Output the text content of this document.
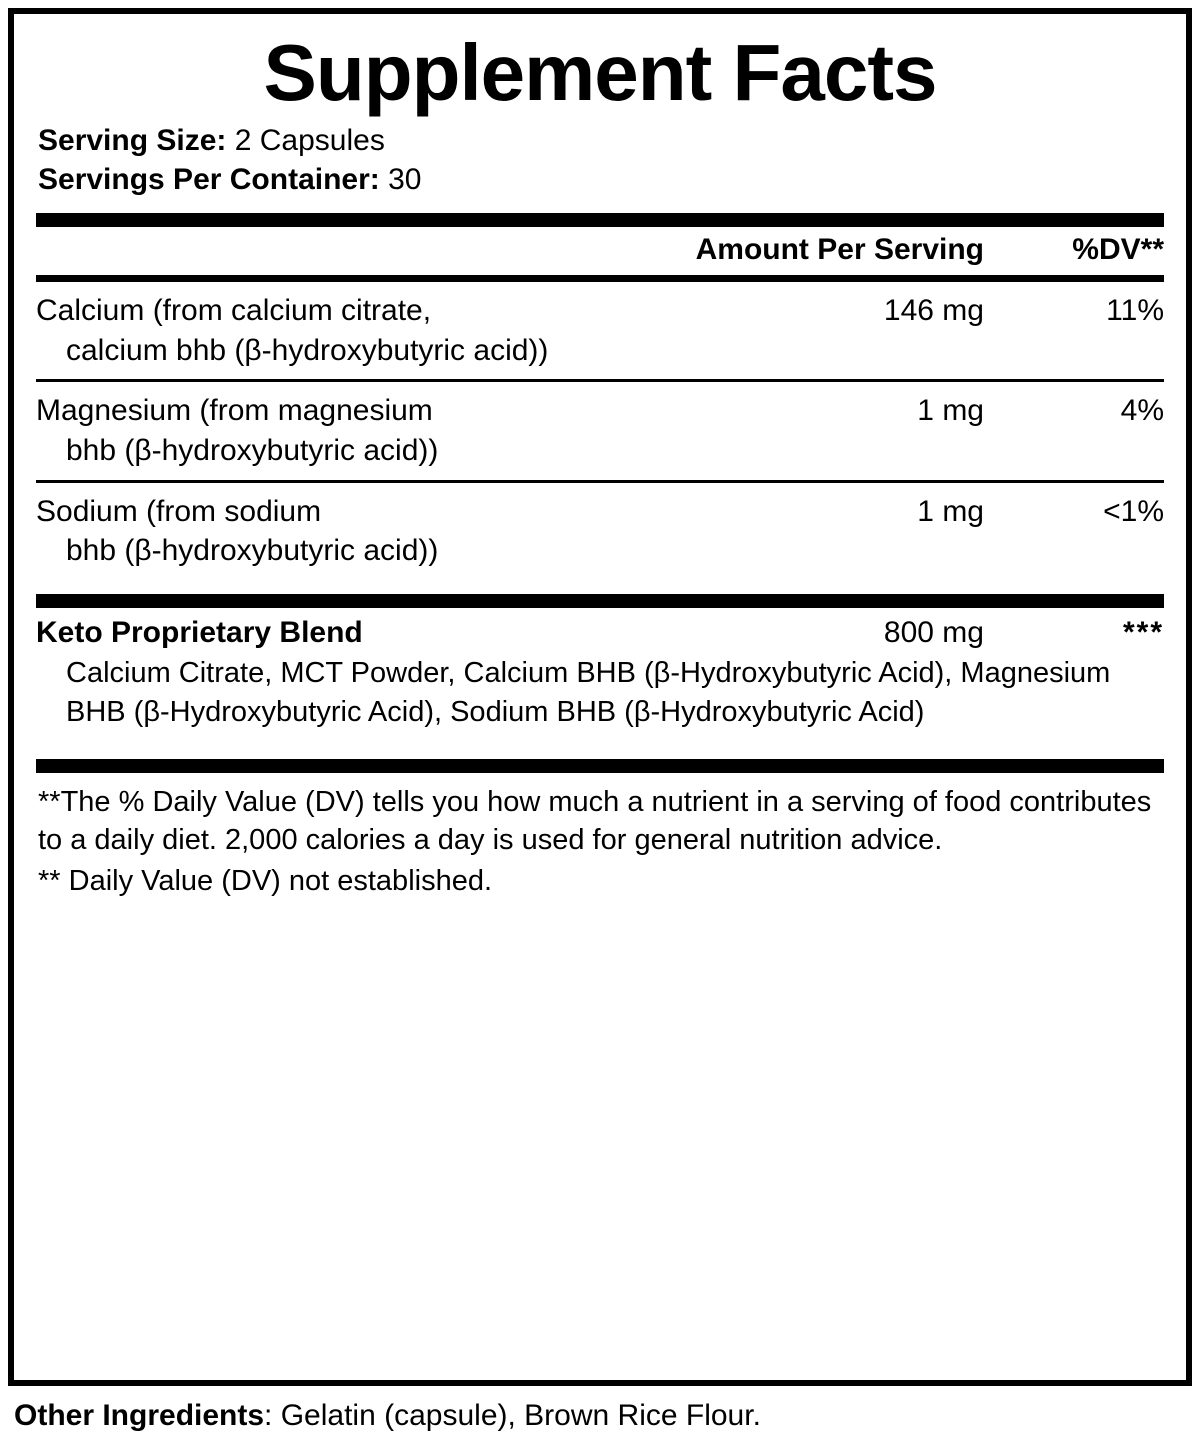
Supplement Facts
Serving Size: 2 Capsules
Servings Per Container: 30
Amount Per Serving	%DV**
Calcium (from calcium citrate,
calcium bhb (β-hydroxybutyric acid))
146 mg	11%
Magnesium (from magnesium
bhb (β-hydroxybutyric acid))
1 mg	4%
Sodium (from sodium
bhb (β-hydroxybutyric acid))
1 mg	<1%
Keto Proprietary Blend	800 mg	***
Calcium Citrate, MCT Powder, Calcium BHB (β-Hydroxybutyric Acid), Magnesium BHB (β-Hydroxybutyric Acid), Sodium BHB (β-Hydroxybutyric Acid)

**The % Daily Value (DV) tells you how much a nutrient in a serving of food contributes to a daily diet. 2,000 calories a day is used for general nutrition advice.

** Daily Value (DV) not established.

Other Ingredients: Gelatin (capsule), Brown Rice Flour.
